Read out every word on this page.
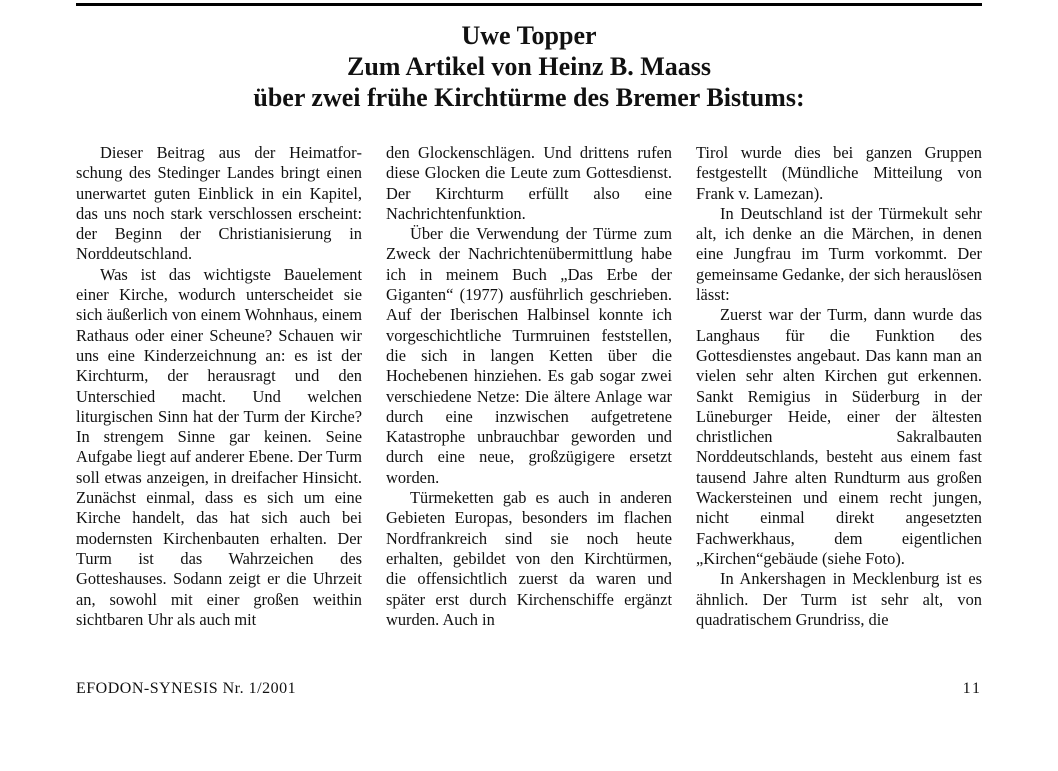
Uwe Topper
Zum Artikel von Heinz B. Maass
über zwei frühe Kirchtürme des Bremer Bistums:

Dieser Beitrag aus der Heimatforschung des Stedinger Landes bringt einen unerwartet guten Einblick in ein Kapitel, das uns noch stark verschlossen erscheint: der Beginn der Christianisierung in Norddeutschland.

Was ist das wichtigste Bauelement einer Kirche, wodurch unterscheidet sie sich äußerlich von einem Wohnhaus, einem Rathaus oder einer Scheune? Schauen wir uns eine Kinderzeichnung an: es ist der Kirchturm, der herausragt und den Unterschied macht. Und welchen liturgischen Sinn hat der Turm der Kirche? In strengem Sinne gar keinen. Seine Aufgabe liegt auf anderer Ebene. Der Turm soll etwas anzeigen, in dreifacher Hinsicht. Zunächst einmal, dass es sich um eine Kirche handelt, das hat sich auch bei modernsten Kirchenbauten erhalten. Der Turm ist das Wahrzeichen des Gotteshauses. Sodann zeigt er die Uhrzeit an, sowohl mit einer großen weithin sichtbaren Uhr als auch mit

den Glockenschlägen. Und drittens rufen diese Glocken die Leute zum Gottesdienst. Der Kirchturm erfüllt also eine Nachrichtenfunktion.

Über die Verwendung der Türme zum Zweck der Nachrichtenübermittlung habe ich in meinem Buch „Das Erbe der Giganten“ (1977) ausführlich geschrieben. Auf der Iberischen Halbinsel konnte ich vorgeschichtliche Turmruinen feststellen, die sich in langen Ketten über die Hochebenen hinziehen. Es gab sogar zwei verschiedene Netze: Die ältere Anlage war durch eine inzwischen aufgetretene Katastrophe unbrauchbar geworden und durch eine neue, großzügigere ersetzt worden.

Türmeketten gab es auch in anderen Gebieten Europas, besonders im flachen Nordfrankreich sind sie noch heute erhalten, gebildet von den Kirchtürmen, die offensichtlich zuerst da waren und später erst durch Kirchenschiffe ergänzt wurden. Auch in

Tirol wurde dies bei ganzen Gruppen festgestellt (Mündliche Mitteilung von Frank v. Lamezan).

In Deutschland ist der Türmekult sehr alt, ich denke an die Märchen, in denen eine Jungfrau im Turm vorkommt. Der gemeinsame Gedanke, der sich herauslösen lässt:

Zuerst war der Turm, dann wurde das Langhaus für die Funktion des Gottesdienstes angebaut. Das kann man an vielen sehr alten Kirchen gut erkennen. Sankt Remigius in Süderburg in der Lüneburger Heide, einer der ältesten christlichen Sakralbauten Norddeutschlands, besteht aus einem fast tausend Jahre alten Rundturm aus großen Wackersteinen und einem recht jungen, nicht einmal direkt angesetzten Fachwerkhaus, dem eigentlichen „Kirchen“gebäude (siehe Foto).

In Ankershagen in Mecklenburg ist es ähnlich. Der Turm ist sehr alt, von quadratischem Grundriss, die

EFODON-SYNESIS Nr. 1/2001	11
